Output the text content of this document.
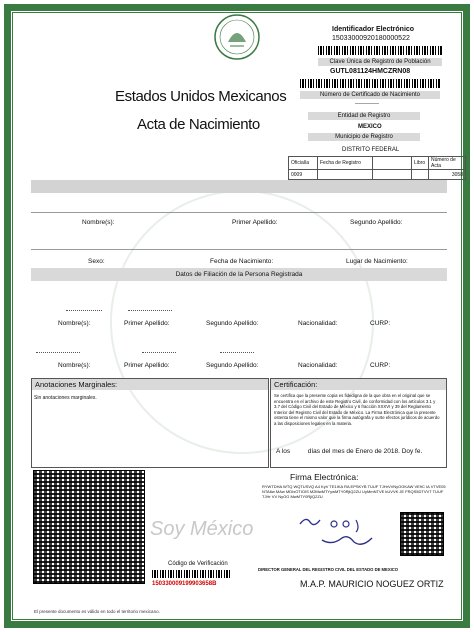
Identificador Electrónico
15033000920180000522
Clave Única de Registro de Población
GUTL081124HMCZRN08
Número de Certificado de Nacimiento
------------
Entidad de Registro
MEXICO
Municipio de Registro
DISTRITO FEDERAL
Estados Unidos Mexicanos
Acta de Nacimiento
Oficialía	Fecha de Registro		Libro	Número de Acta
0009				3058
Nombre(s):	Primer Apellido:	Segundo Apellido:
Sexo:	Fecha de Nacimiento:	Lugar de Nacimiento:
Datos de Filiación de la Persona Registrada
Nombre(s):	Primer Apellido:	Segundo Apellido:	Nacionalidad:	CURP:
Nombre(s):	Primer Apellido:	Segundo Apellido:	Nacionalidad:	CURP:
Anotaciones Marginales:
Sin anotaciones marginales.
Certificación:
Se certifica que la presente copia es fidedigna de la que obra en el original que se encuentra en el archivo de este Registro Civil, de conformidad con los artículos 3.1 y 3.7 del Código Civil del Estado de México y 6 fracción XXXVI y 39 del Reglamento Interior del Registro Civil del Estado de México. La Firma Electrónica que la presente ostenta tiene el mismo valor que la firma autógrafa y surte efectos jurídicos de acuerdo a las disposiciones legales en la materia.
A los	días del mes de Enero de 2018. Doy fe.
Soy México
Código de Verificación
150330009199903658B
Firma Electrónica:
RYWTDHA WTQ WQTUSVQ A4 KyV TE1IKA RA EPSKYB TUUF TJHrVVNyOGKAW VE9C IA VTVE05 NTA6w MAw MDIxOTIOIS M2MwMTYywMTY0RjiQ2ZU UyMmNTVE kUVVK JE FRQS5DTVVT TUUF TJHr VV NyOG MwMTY0RjiQ2ZU
DIRECTOR GENERAL DEL REGISTRO CIVIL DEL ESTADO DE MEXICO
M.A.P. MAURICIO NOGUEZ ORTIZ
El presente documento es válido en todo el territorio mexicano.
